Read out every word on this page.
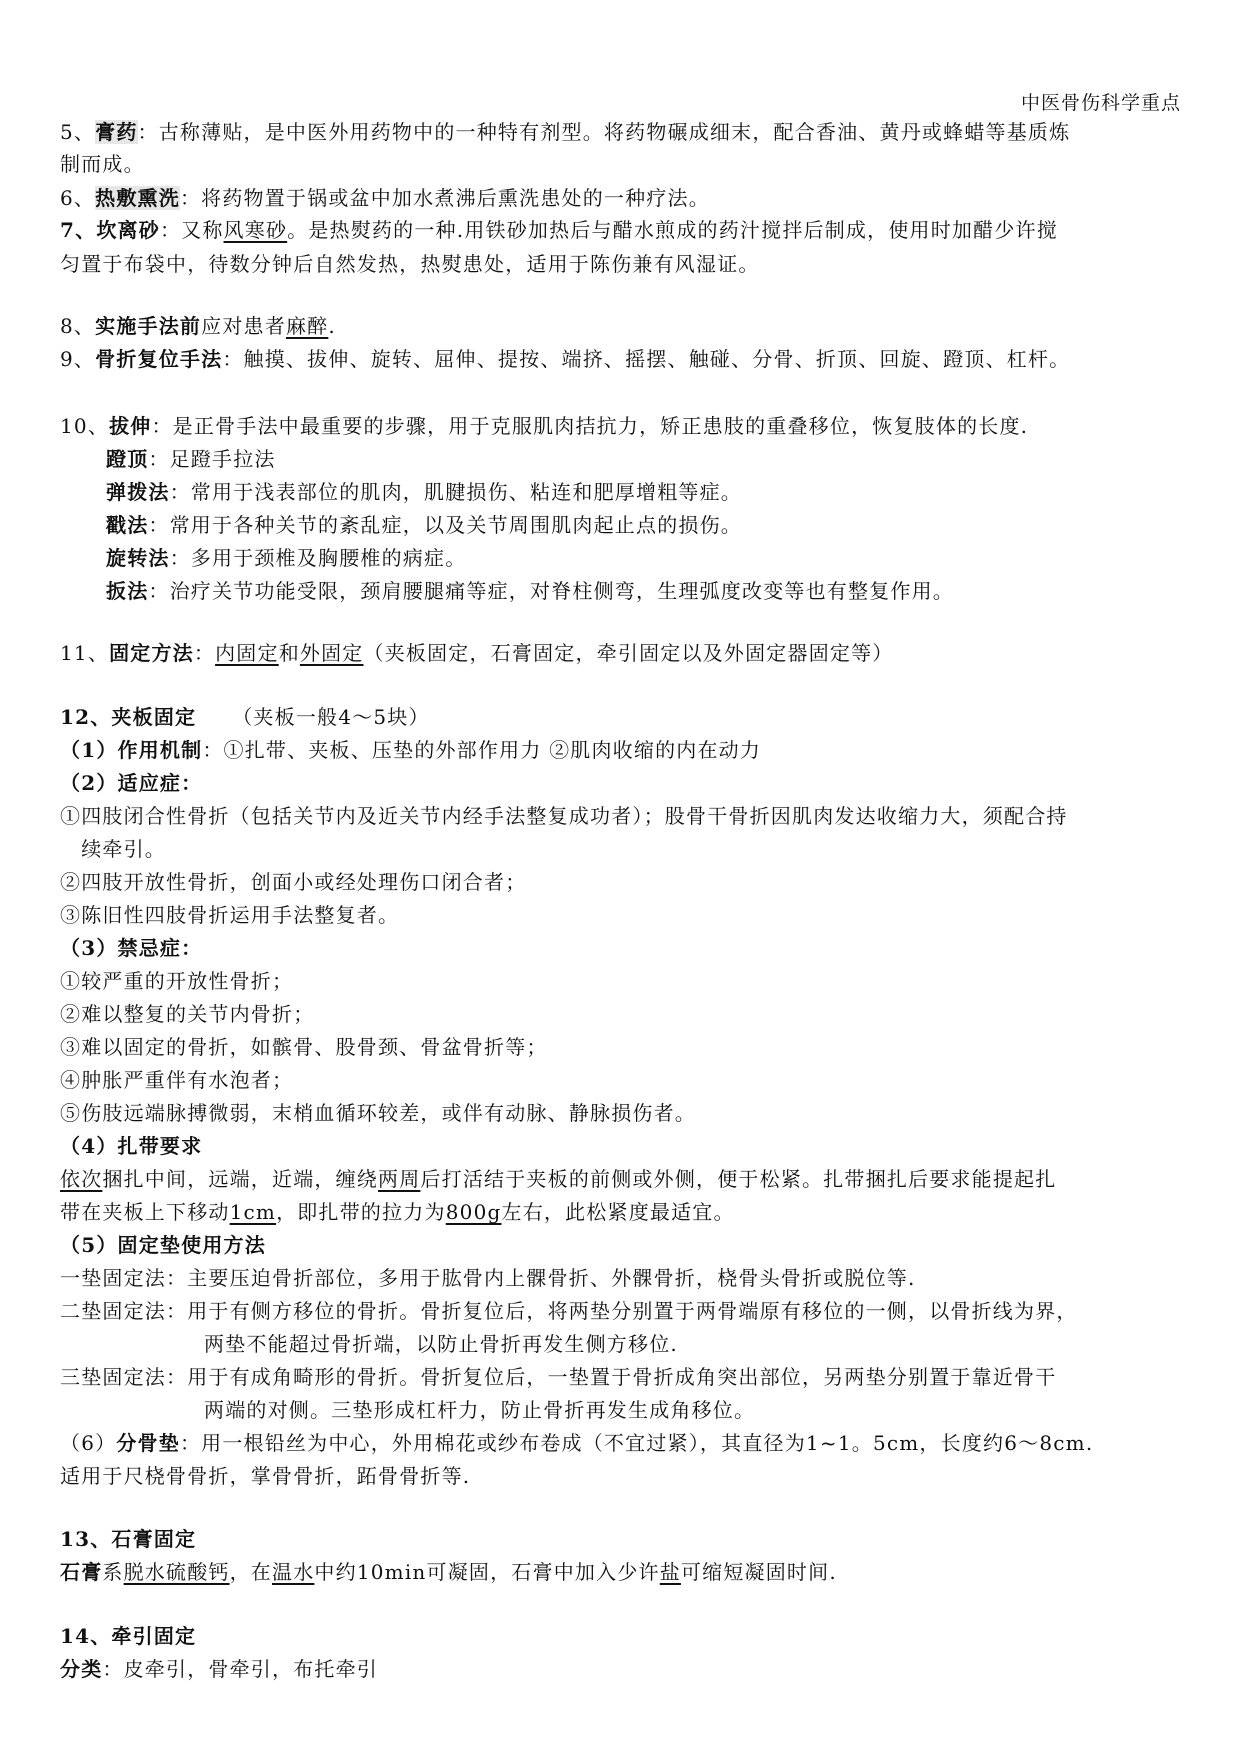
中医骨伤科学重点
5、膏药：古称薄贴，是中医外用药物中的一种特有剂型。将药物碾成细末，配合香油、黄丹或蜂蜡等基质炼
制而成。
6、热敷熏洗：将药物置于锅或盆中加水煮沸后熏洗患处的一种疗法。
7、坎离砂：又称风寒砂。是热熨药的一种.用铁砂加热后与醋水煎成的药汁搅拌后制成，使用时加醋少许搅
匀置于布袋中，待数分钟后自然发热，热熨患处，适用于陈伤兼有风湿证。
8、实施手法前应对患者麻醉.
9、骨折复位手法：触摸、拔伸、旋转、屈伸、提按、端挤、摇摆、触碰、分骨、折顶、回旋、蹬顶、杠杆。
10、拔伸：是正骨手法中最重要的步骤，用于克服肌肉拮抗力，矫正患肢的重叠移位，恢复肢体的长度.
蹬顶：足蹬手拉法
弹拨法：常用于浅表部位的肌肉，肌腱损伤、粘连和肥厚增粗等症。
戳法：常用于各种关节的紊乱症，以及关节周围肌肉起止点的损伤。
旋转法：多用于颈椎及胸腰椎的病症。
扳法：治疗关节功能受限，颈肩腰腿痛等症，对脊柱侧弯，生理弧度改变等也有整复作用。
11、固定方法：内固定和外固定（夹板固定，石膏固定，牵引固定以及外固定器固定等）
12、夹板固定 （夹板一般4～5块）
（1）作用机制：①扎带、夹板、压垫的外部作用力 ②肌肉收缩的内在动力
（2）适应症：
①四肢闭合性骨折（包括关节内及近关节内经手法整复成功者）；股骨干骨折因肌肉发达收缩力大，须配合持
　续牵引。
②四肢开放性骨折，创面小或经处理伤口闭合者；
③陈旧性四肢骨折运用手法整复者。
（3）禁忌症：
①较严重的开放性骨折；
②难以整复的关节内骨折；
③难以固定的骨折，如髌骨、股骨颈、骨盆骨折等；
④肿胀严重伴有水泡者；
⑤伤肢远端脉搏微弱，末梢血循环较差，或伴有动脉、静脉损伤者。
（4）扎带要求
依次捆扎中间，远端，近端，缠绕两周后打活结于夹板的前侧或外侧，便于松紧。扎带捆扎后要求能提起扎
带在夹板上下移动1cm，即扎带的拉力为800g左右，此松紧度最适宜。
（5）固定垫使用方法
一垫固定法：主要压迫骨折部位，多用于肱骨内上髁骨折、外髁骨折，桡骨头骨折或脱位等.
二垫固定法：用于有侧方移位的骨折。骨折复位后，将两垫分别置于两骨端原有移位的一侧，以骨折线为界，
两垫不能超过骨折端，以防止骨折再发生侧方移位.
三垫固定法：用于有成角畸形的骨折。骨折复位后，一垫置于骨折成角突出部位，另两垫分别置于靠近骨干
两端的对侧。三垫形成杠杆力，防止骨折再发生成角移位。
（6）分骨垫：用一根铅丝为中心，外用棉花或纱布卷成（不宜过紧），其直径为1~1。5cm，长度约6～8cm.
适用于尺桡骨骨折，掌骨骨折，跖骨骨折等.
13、石膏固定
石膏系脱水硫酸钙，在温水中约10min可凝固，石膏中加入少许盐可缩短凝固时间.
14、牵引固定
分类：皮牵引，骨牵引，布托牵引
